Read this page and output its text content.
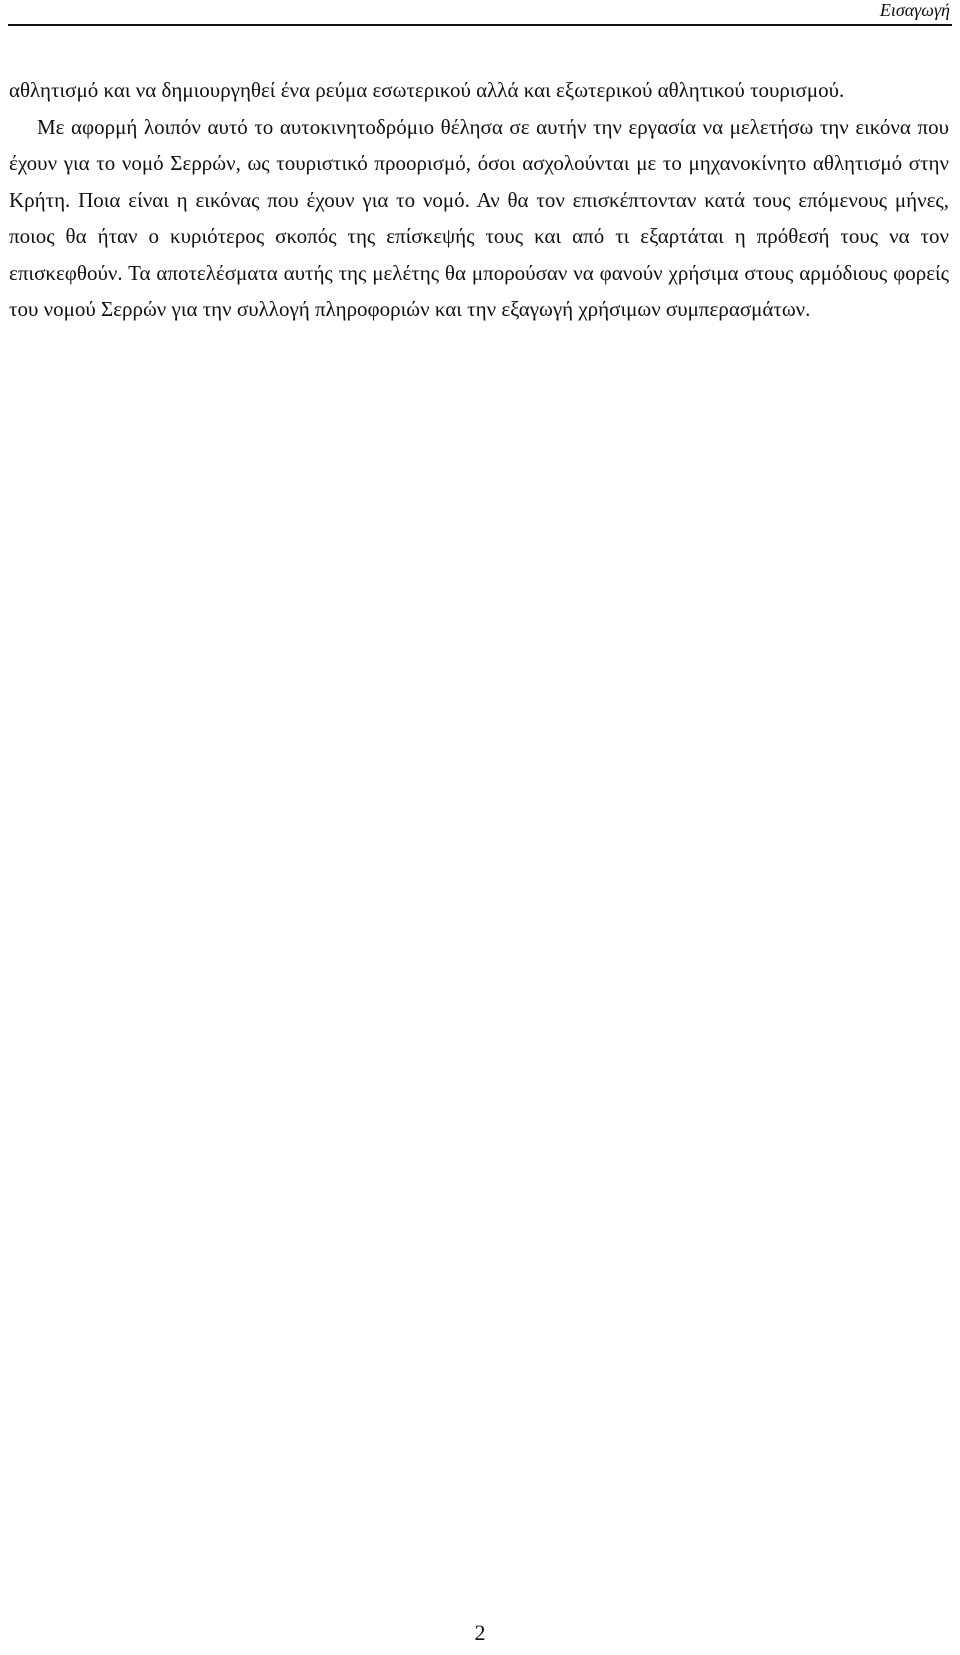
Εισαγωγή

αθλητισμό και να δημιουργηθεί ένα ρεύμα εσωτερικού αλλά και εξωτερικού αθλητικού τουρισμού.

Με αφορμή λοιπόν αυτό το αυτοκινητοδρόμιο θέλησα σε αυτήν την εργασία να μελετήσω την εικόνα που έχουν για το νομό Σερρών, ως τουριστικό προορισμό, όσοι ασχολούνται με το μηχανοκίνητο αθλητισμό στην Κρήτη. Ποια είναι η εικόνας που έχουν για το νομό. Αν θα τον επισκέπτονταν κατά τους επόμενους μήνες, ποιος θα ήταν ο κυριότερος σκοπός της επίσκεψής τους και από τι εξαρτάται η πρόθεσή τους να τον επισκεφθούν. Τα αποτελέσματα αυτής της μελέτης θα μπορούσαν να φανούν χρήσιμα στους αρμόδιους φορείς του νομού Σερρών για την συλλογή πληροφοριών και την εξαγωγή χρήσιμων συμπερασμάτων.

2
